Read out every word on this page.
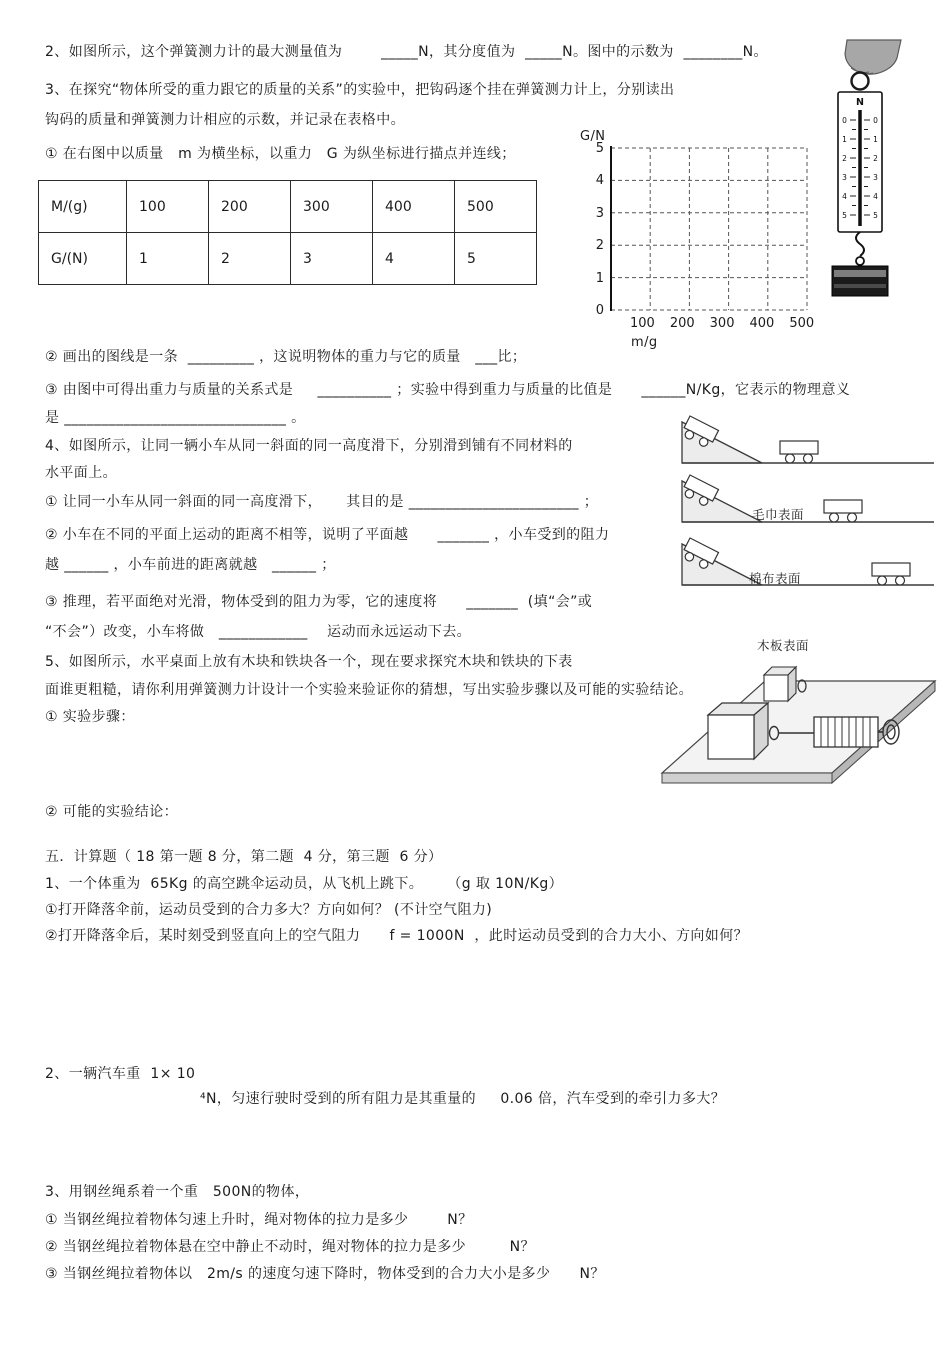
2、如图所示，这个弹簧测力计的最大测量值为        _____N，其分度值为  _____N。图中的示数为  ________N。
3、在探究“物体所受的重力跟它的质量的关系”的实验中，把钩码逐个挂在弹簧测力计上，分别读出
钩码的质量和弹簧测力计相应的示数，并记录在表格中。
① 在右图中以质量   m 为横坐标，以重力   G 为纵坐标进行描点并连线；
② 画出的图线是一条  _________ ，这说明物体的重力与它的质量   ___比；
③ 由图中可得出重力与质量的关系式是     __________ ；实验中得到重力与质量的比值是      ______N/Kg，它表示的物理意义
是 ______________________________ 。
4、如图所示，让同一辆小车从同一斜面的同一高度滑下，分别滑到铺有不同材料的
水平面上。
① 让同一小车从同一斜面的同一高度滑下，     其目的是 _______________________ ；
② 小车在不同的平面上运动的距离不相等，说明了平面越      _______ ，小车受到的阻力
越 ______ ，小车前进的距离就越   ______ ；
③ 推理，若平面绝对光滑，物体受到的阻力为零，它的速度将      _______  (填“会”或
“不会”）改变，小车将做   ____________    运动而永远运动下去。
5、如图所示，水平桌面上放有木块和铁块各一个，现在要求探究木块和铁块的下表
面谁更粗糙，请你利用弹簧测力计设计一个实验来验证你的猜想，写出实验步骤以及可能的实验结论。
① 实验步骤：
② 可能的实验结论：
五．计算题（ 18 第一题 8 分，第二题  4 分，第三题  6 分）
1、一个体重为  65Kg 的高空跳伞运动员，从飞机上跳下。     （g 取 10N/Kg）
①打开降落伞前，运动员受到的合力多大？方向如何？ (不计空气阻力)
②打开降落伞后，某时刻受到竖直向上的空气阻力      f = 1000N  ，此时运动员受到的合力大小、方向如何？
2、一辆汽车重  1× 10
⁴N，匀速行驶时受到的所有阻力是其重量的     0.06 倍，汽车受到的牵引力多大？
3、用钢丝绳系着一个重   500N的物体，
① 当钢丝绳拉着物体匀速上升时，绳对物体的拉力是多少        N？
② 当钢丝绳拉着物体悬在空中静止不动时，绳对物体的拉力是多少         N？
③ 当钢丝绳拉着物体以   2m/s 的速度匀速下降时，物体受到的合力大小是多少      N？
M/(g)	100	200	300	400	500
G/(N)	1	2	3	4	5
G/N
5
4
3
2
1
0
100 200 300 400 500
m/g
N
0	0
1	1
2	2
3	3
4	4
5	5
毛巾表面
棉布表面
木板表面
